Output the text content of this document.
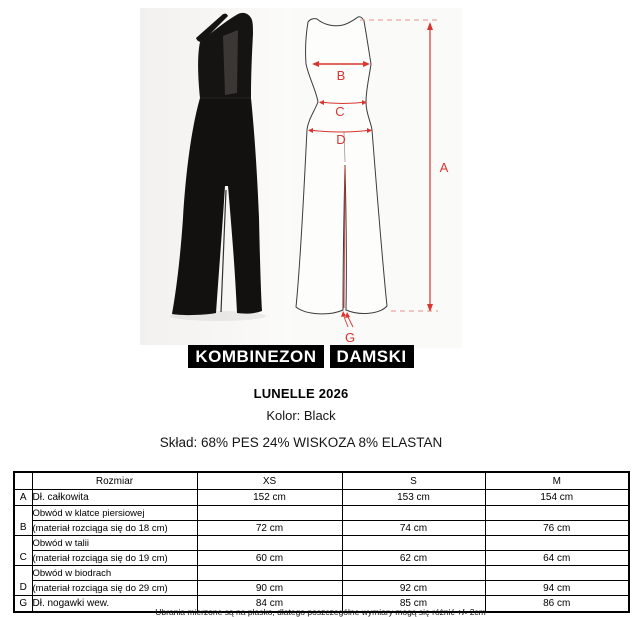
B
C
D
A
G
KOMBINEZON	DAMSKI
LUNELLE 2026
Kolor: Black
Skład: 68% PES 24% WISKOZA 8% ELASTAN
	Rozmiar	XS	S	M
A	Dł. całkowita	152 cm	153 cm	154 cm
B	Obwód w klatce piersiowej			
	(materiał rozciąga się do 18 cm)	72 cm	74 cm	76 cm
C	Obwód w talii			
	(materiał rozciąga się do 19 cm)	60 cm	62 cm	64 cm
D	Obwód w biodrach			
	(materiał rozciąga się do 29 cm)	90 cm	92 cm	94 cm
G	Dł. nogawki wew.	84 cm	85 cm	86 cm
Ubrania mierzone są na płasko, dlatego poszczególne wymiary mogą się różnić +/- 2cm
